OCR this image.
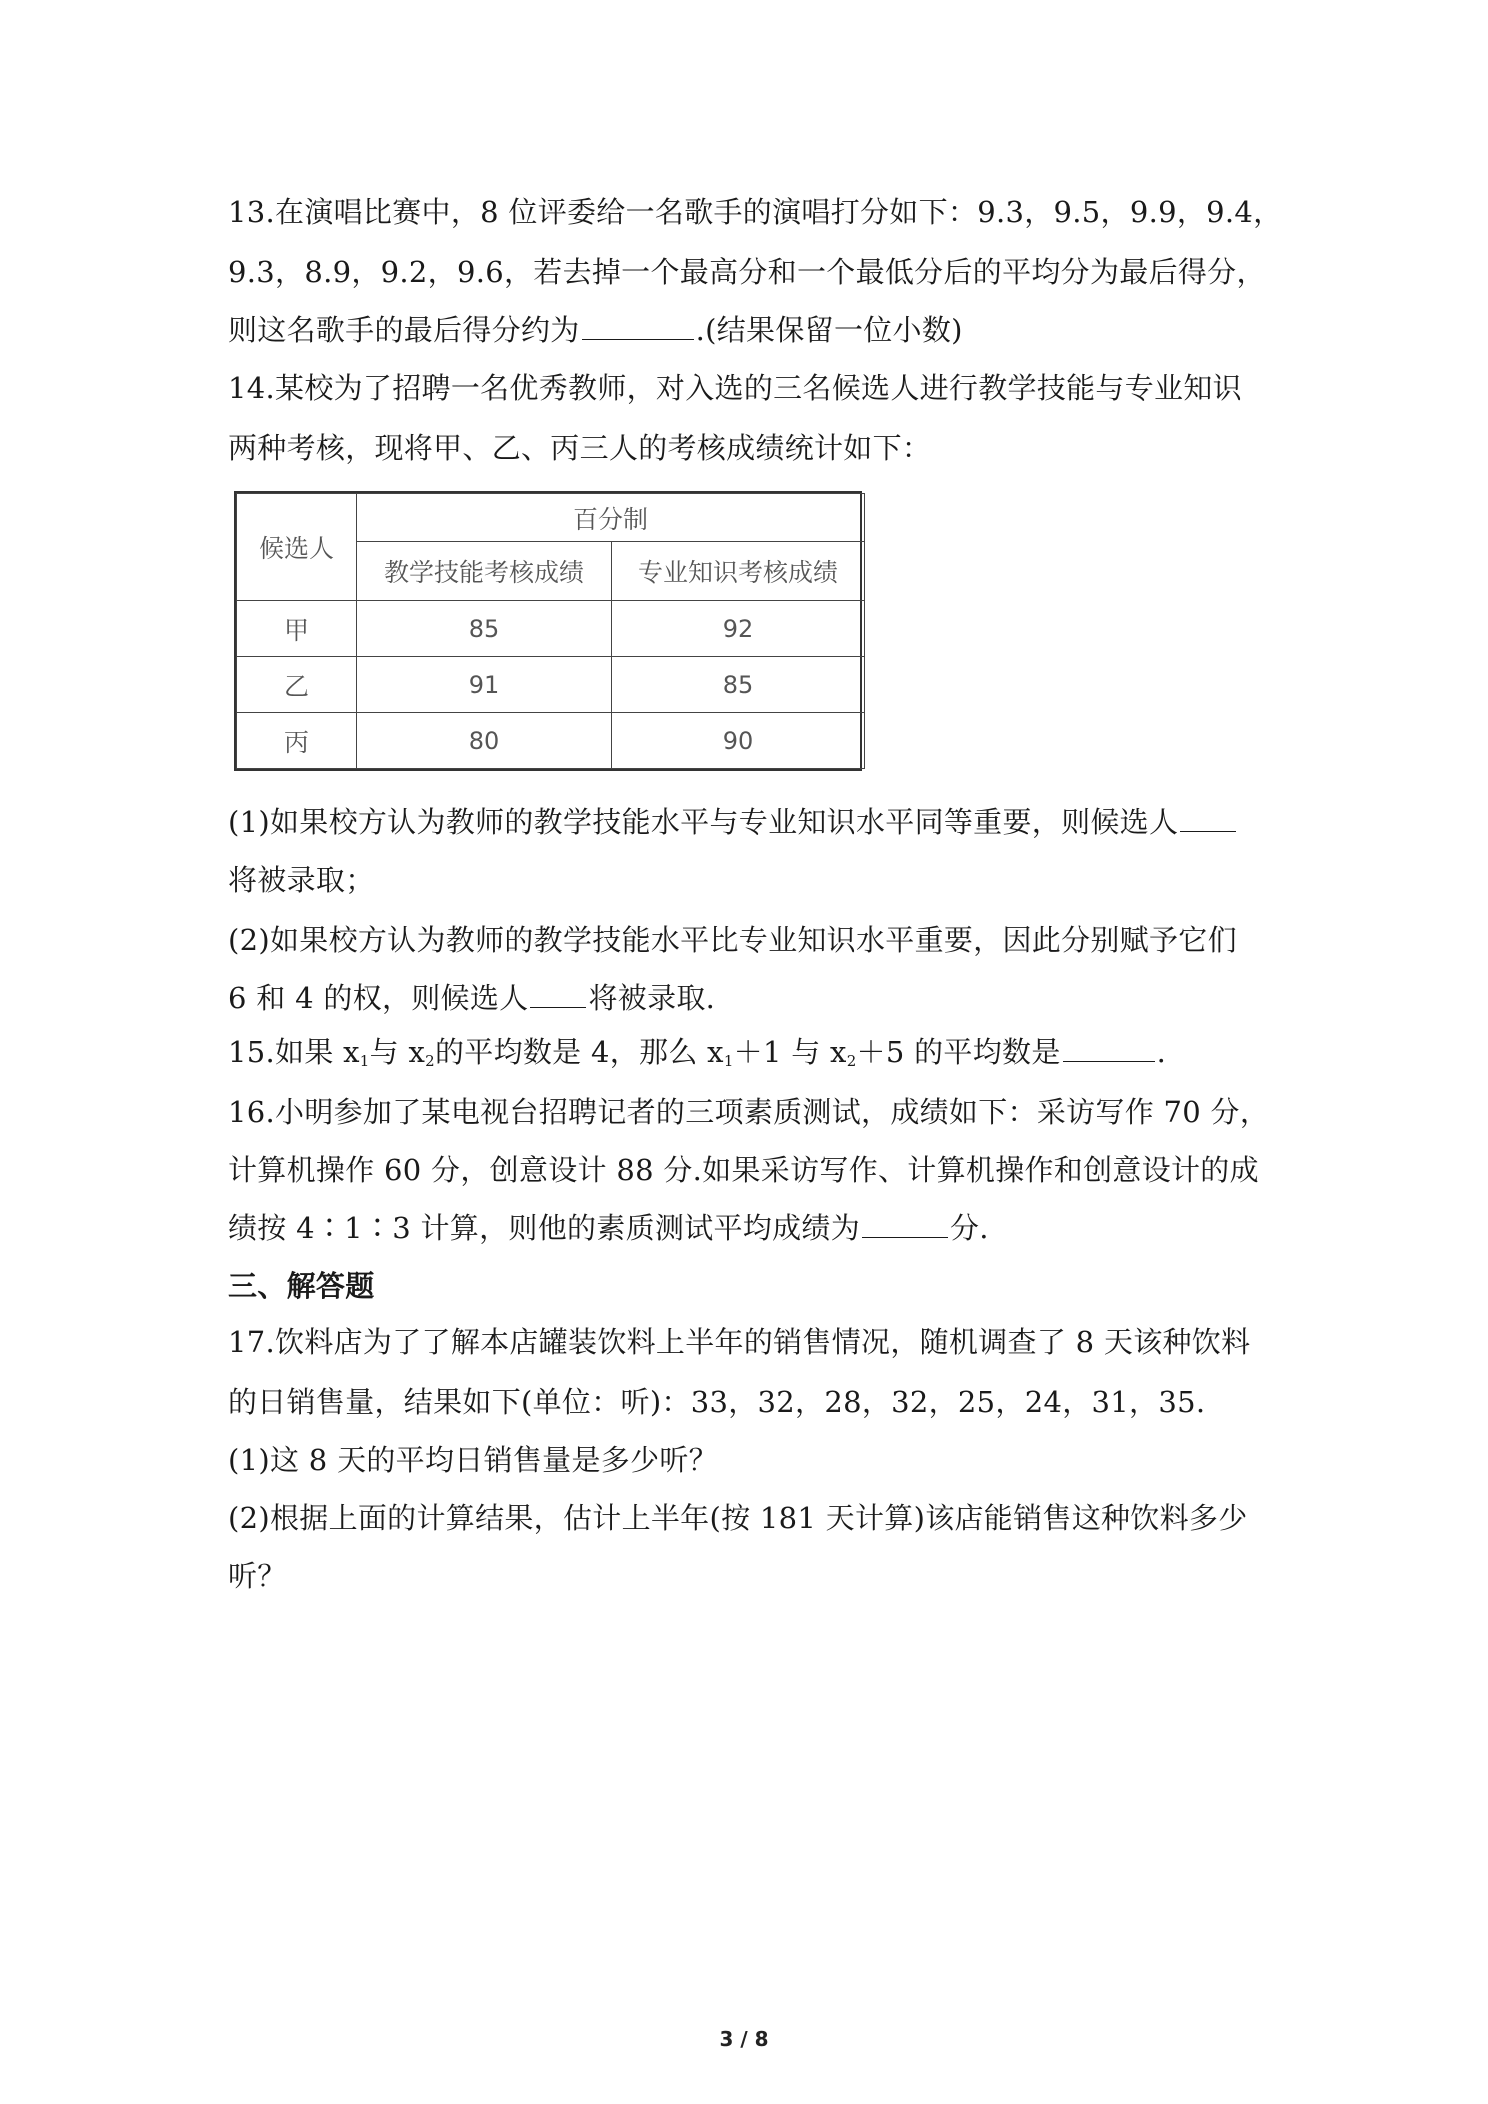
13.在演唱比赛中，8 位评委给一名歌手的演唱打分如下：9.3，9.5，9.9，9.4，
9.3，8.9，9.2，9.6，若去掉一个最高分和一个最低分后的平均分为最后得分，
则这名歌手的最后得分约为	.(结果保留一位小数)
14.某校为了招聘一名优秀教师，对入选的三名候选人进行教学技能与专业知识
两种考核，现将甲、乙、丙三人的考核成绩统计如下：
候选人	百分制	
	教学技能考核成绩	专业知识考核成绩
甲	85	92
乙	91	85
丙	80	90
(1)如果校方认为教师的教学技能水平与专业知识水平同等重要，则候选人
将被录取；
(2)如果校方认为教师的教学技能水平比专业知识水平重要，因此分别赋予它们
6 和 4 的权，则候选人 将被录取.
15.如果 $x_1$与 $x_2$的平均数是 4，那么 $x_1+1$ 与 $x_2+5$ 的平均数是	.
16.小明参加了某电视台招聘记者的三项素质测试，成绩如下：采访写作 70 分，
计算机操作 60 分，创意设计 88 分.如果采访写作、计算机操作和创意设计的成
绩按 4∶1∶3 计算，则他的素质测试平均成绩为	分.
三、解答题
17.饮料店为了了解本店罐装饮料上半年的销售情况，随机调查了 8 天该种饮料
的日销售量，结果如下(单位：听)：33，32，28，32，25，24，31，35.
(1)这 8 天的平均日销售量是多少听？
(2)根据上面的计算结果，估计上半年(按 181 天计算)该店能销售这种饮料多少
听？
3 / 8
